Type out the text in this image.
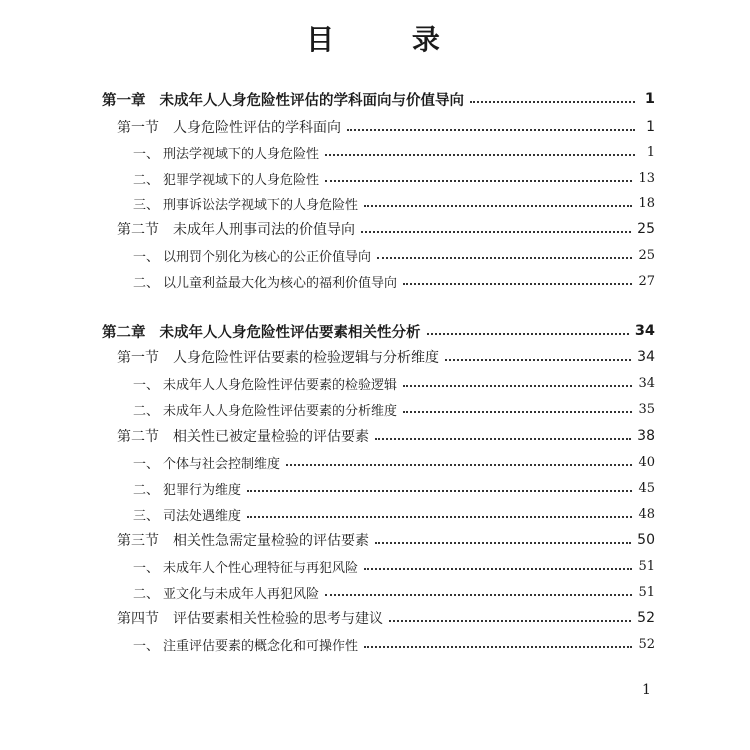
目 录
第一章 未成年人人身危险性评估的学科面向与价值导向	1
第一节 人身危险性评估的学科面向	1
一、 刑法学视域下的人身危险性	1
二、 犯罪学视域下的人身危险性	13
三、 刑事诉讼法学视域下的人身危险性	18
第二节 未成年人刑事司法的价值导向	25
一、 以刑罚个别化为核心的公正价值导向	25
二、 以儿童利益最大化为核心的福利价值导向	27
第二章 未成年人人身危险性评估要素相关性分析	34
第一节 人身危险性评估要素的检验逻辑与分析维度	34
一、 未成年人人身危险性评估要素的检验逻辑	34
二、 未成年人人身危险性评估要素的分析维度	35
第二节 相关性已被定量检验的评估要素	38
一、 个体与社会控制维度	40
二、 犯罪行为维度	45
三、 司法处遇维度	48
第三节 相关性急需定量检验的评估要素	50
一、 未成年人个性心理特征与再犯风险	51
二、 亚文化与未成年人再犯风险	51
第四节 评估要素相关性检验的思考与建议	52
一、 注重评估要素的概念化和可操作性	52
1
